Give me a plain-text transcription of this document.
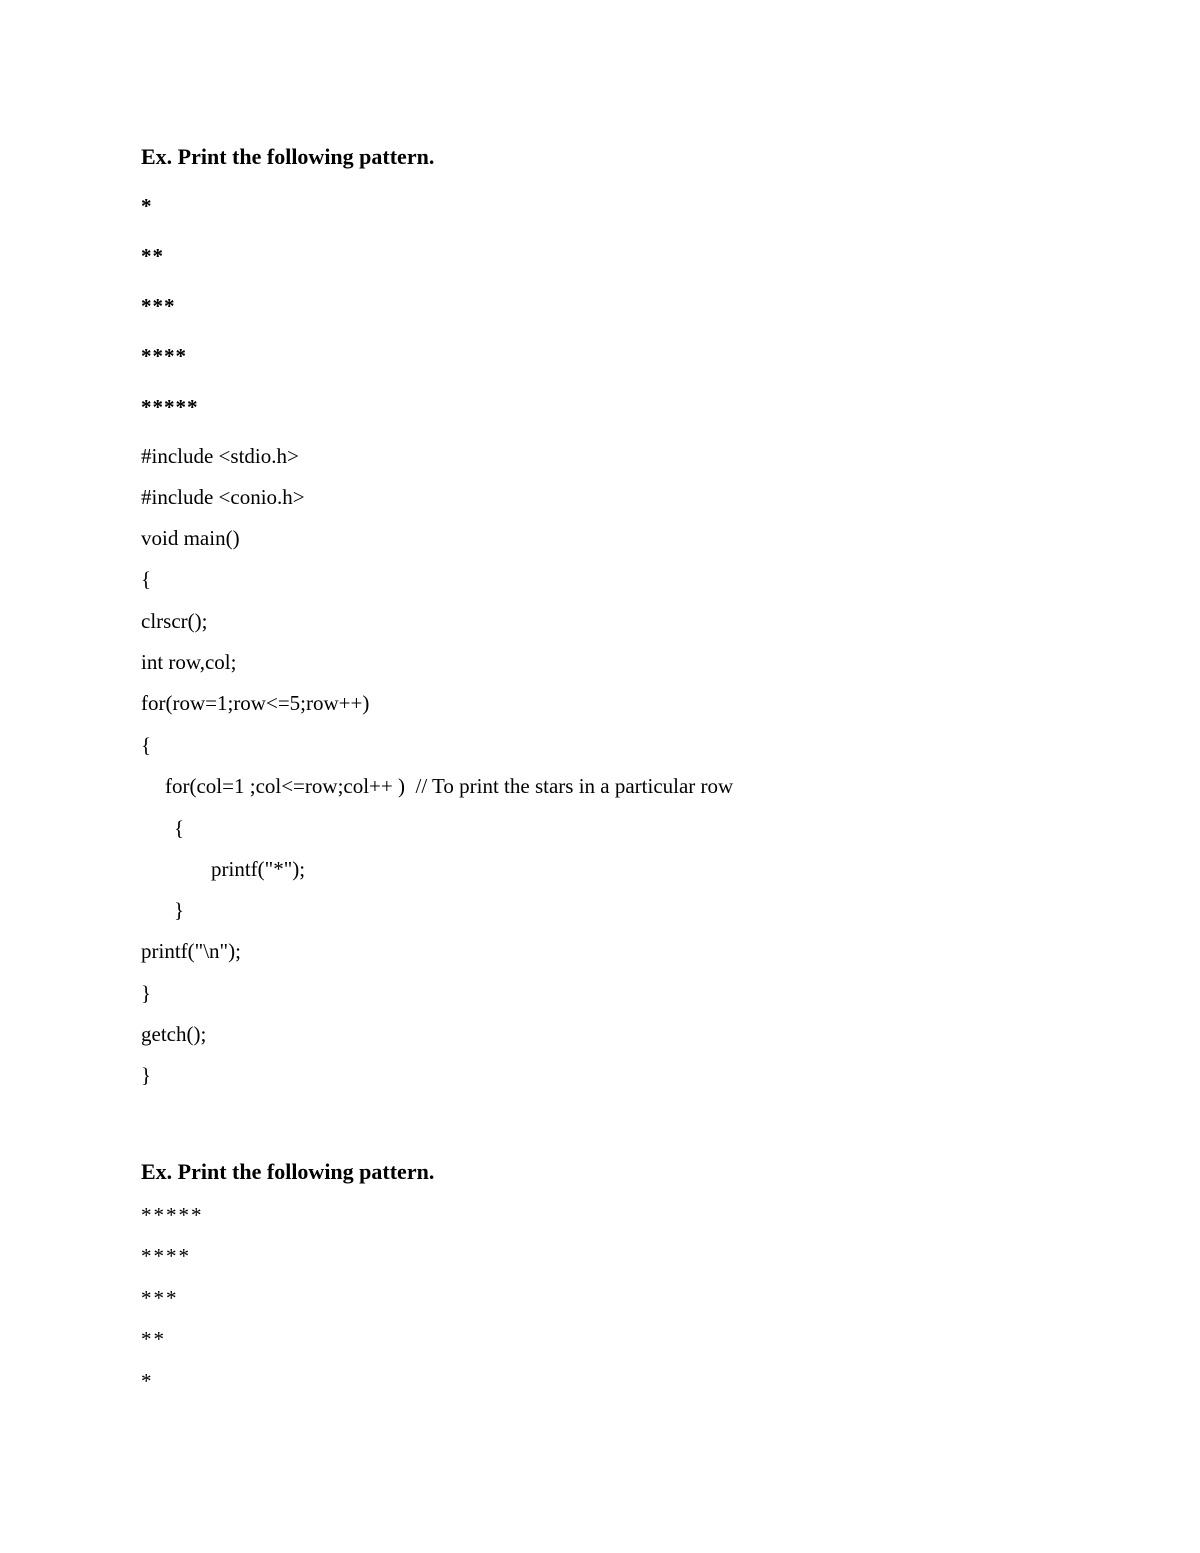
Ex. Print the following pattern.
*
**
***
****
*****
#include <stdio.h>
#include <conio.h>
void main()
{
clrscr();
int row,col;
for(row=1;row<=5;row++)
{
for(col=1 ;col<=row;col++ )  // To print the stars in a particular row
{
printf("*");
}
printf("\n");
}
getch();
}
Ex. Print the following pattern.
*****
****
***
**
*
